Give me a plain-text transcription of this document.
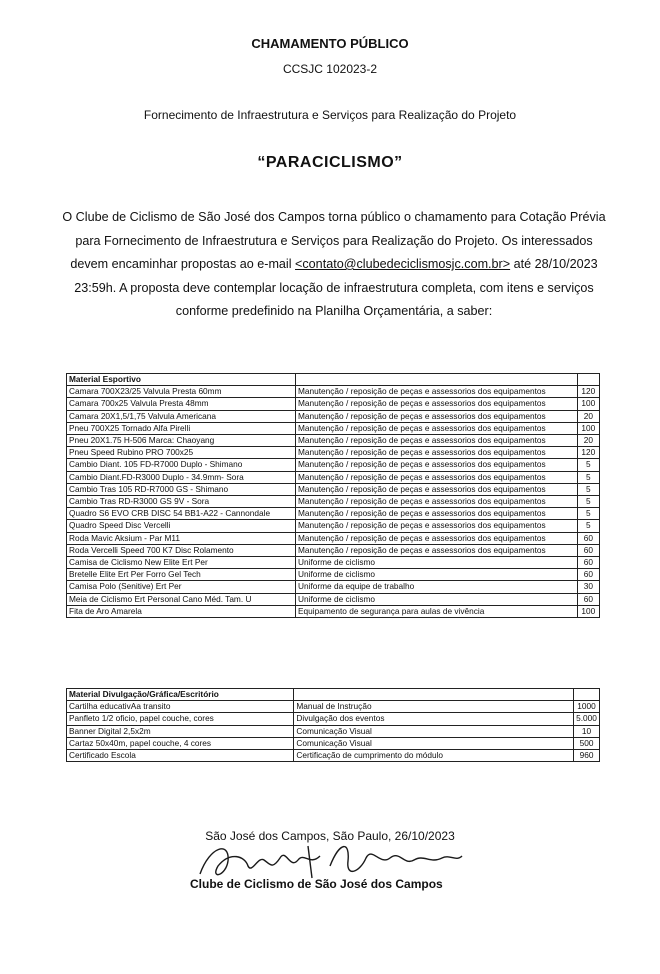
CHAMAMENTO PÚBLICO
CCSJC 102023-2
Fornecimento de Infraestrutura e Serviços para Realização do Projeto
“PARACICLISMO”
O Clube de Ciclismo de São José dos Campos torna público o chamamento para Cotação Prévia para Fornecimento de Infraestrutura e Serviços para Realização do Projeto. Os interessados devem encaminhar propostas ao e-mail <contato@clubedeciclismosjc.com.br> até 28/10/2023 23:59h. A proposta deve contemplar locação de infraestrutura completa, com itens e serviços conforme predefinido na Planilha Orçamentária, a saber:
Material Esportivo		
Camara 700X23/25 Valvula Presta 60mm	Manutenção / reposição de peças e assessorios dos equipamentos	120
Camara 700x25 Valvula Presta 48mm	Manutenção / reposição de peças e assessorios dos equipamentos	100
Camara 20X1,5/1,75 Valvula Americana	Manutenção / reposição de peças e assessorios dos equipamentos	20
Pneu 700X25 Tornado Alfa Pirelli	Manutenção / reposição de peças e assessorios dos equipamentos	100
Pneu 20X1.75 H-506 Marca: Chaoyang	Manutenção / reposição de peças e assessorios dos equipamentos	20
Pneu Speed Rubino PRO 700x25	Manutenção / reposição de peças e assessorios dos equipamentos	120
Cambio Diant. 105 FD-R7000 Duplo - Shimano	Manutenção / reposição de peças e assessorios dos equipamentos	5
Cambio Diant.FD-R3000 Duplo - 34.9mm- Sora	Manutenção / reposição de peças e assessorios dos equipamentos	5
Cambio Tras 105 RD-R7000 GS - Shimano	Manutenção / reposição de peças e assessorios dos equipamentos	5
Cambio Tras RD-R3000 GS 9V - Sora	Manutenção / reposição de peças e assessorios dos equipamentos	5
Quadro S6 EVO CRB DISC 54 BB1-A22 - Cannondale	Manutenção / reposição de peças e assessorios dos equipamentos	5
Quadro Speed Disc Vercelli	Manutenção / reposição de peças e assessorios dos equipamentos	5
Roda Mavic Aksium - Par M11	Manutenção / reposição de peças e assessorios dos equipamentos	60
Roda Vercelli Speed 700 K7 Disc Rolamento	Manutenção / reposição de peças e assessorios dos equipamentos	60
Camisa de Ciclismo New Elite Ert Per	Uniforme de ciclismo	60
Bretelle Elite Ert Per Forro Gel Tech	Uniforme de ciclismo	60
Camisa Polo (Senitive) Ert Per	Uniforme da equipe de trabalho	30
Meia de Ciclismo Ert Personal Cano Méd. Tam. U	Uniforme de ciclismo	60
Fita de Aro Amarela	Equipamento de segurança para aulas de vivência	100
Material Divulgação/Gráfica/Escritório		
Cartilha educativAa transito	Manual de Instrução	1000
Panfleto 1/2 oficio, papel couche, cores	Divulgação dos eventos	5.000
Banner Digital 2,5x2m	Comunicação Visual	10
Cartaz 50x40m, papel couche, 4 cores	Comunicação Visual	500
Certificado Escola	Certificação de cumprimento do módulo	960
São José dos Campos, São Paulo, 26/10/2023
Clube de Ciclismo de São José dos Campos
